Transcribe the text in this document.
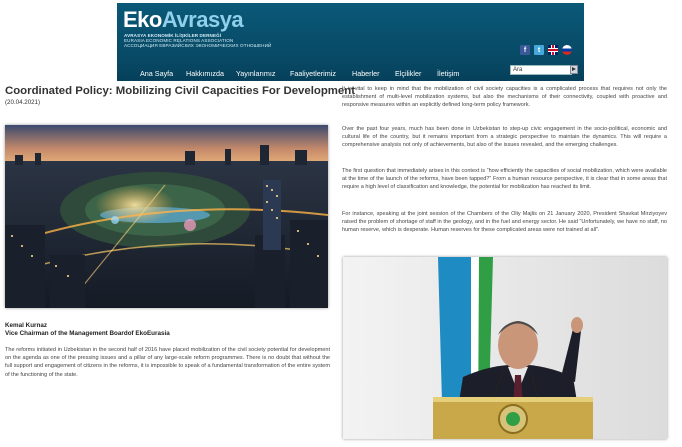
EkoAvrasya
AVRASYA EKONOMİK İLİŞKİLER DERNEĞİ
EURASIA ECONOMIC RELATIONS ASSOCIATION
АССОЦИАЦИЯ ЕВРАЗИЙСКИХ ЭКОНОМИЧЕСКИХ ОТНОШЕНИЙ
f	t
Ana Sayfa Hakkımızda Yayınlarımız Faaliyetlerimiz Haberler Elçilikler İletişim	Ara
Coordinated Policy: Mobilizing Civil Capacities For Development
(20.04.2021)
Kemal Kurnaz
Vice Chairman of the Management Boardof EkoEurasia

The reforms initiated in Uzbekistan in the second half of 2016 have placed mobilization of the civil society potential for development on the agenda as one of the pressing issues and a pillar of any large-scale reform programmes. There is no doubt that without the full support and engagement of citizens in the reforms, it is impossible to speak of a fundamental transformation of the entire system of the functioning of the state.

It is vital to keep in mind that the mobilization of civil society capacities is a complicated process that requires not only the establishment of multi-level mobilization systems, but also the mechanisms of their connectivity, coupled with proactive and responsive measures within an explicitly defined long-term policy framework.

Over the past four years, much has been done in Uzbekistan to step-up civic engagement in the socio-political, economic and cultural life of the country, but it remains important from a strategic perspective to maintain the dynamics. This will require a comprehensive analysis not only of achievements, but also of the issues revealed, and the emerging challenges.

The first question that immediately arises in this context is “how efficiently the capacities of social mobilization, which were available at the time of the launch of the reforms, have been tapped?” From a human resource perspective, it is clear that in some areas that require a high level of classification and knowledge, the potential for mobilization has reached its limit.

For instance, speaking at the joint session of the Chambers of the Oliy Majlis on 21 January 2020, President Shavkat Mirziyoyev raised the problem of shortage of staff in the geology, and in the fuel and energy sector. He said “Unfortunately, we have no staff, no human reserve, which is desperate. Human reserves for these complicated areas were not trained at all”.
